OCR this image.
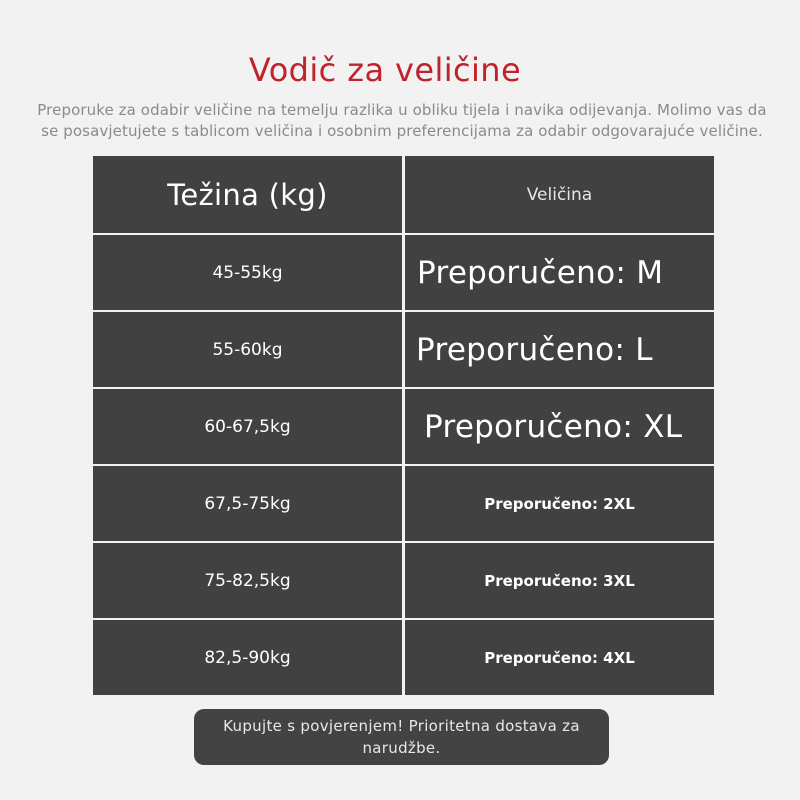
Vodič za veličine
Preporuke za odabir veličine na temelju razlika u obliku tijela i navika odijevanja. Molimo vas da se posavjetujete s tablicom veličina i osobnim preferencijama za odabir odgovarajuće veličine.
Težina (kg)	Veličina
45-55kg	Preporučeno: M
55-60kg	Preporučeno: L
60-67,5kg	Preporučeno: XL
67,5-75kg	Preporučeno: 2XL
75-82,5kg	Preporučeno: 3XL
82,5-90kg	Preporučeno: 4XL
Kupujte s povjerenjem! Prioritetna dostava za narudžbe.
